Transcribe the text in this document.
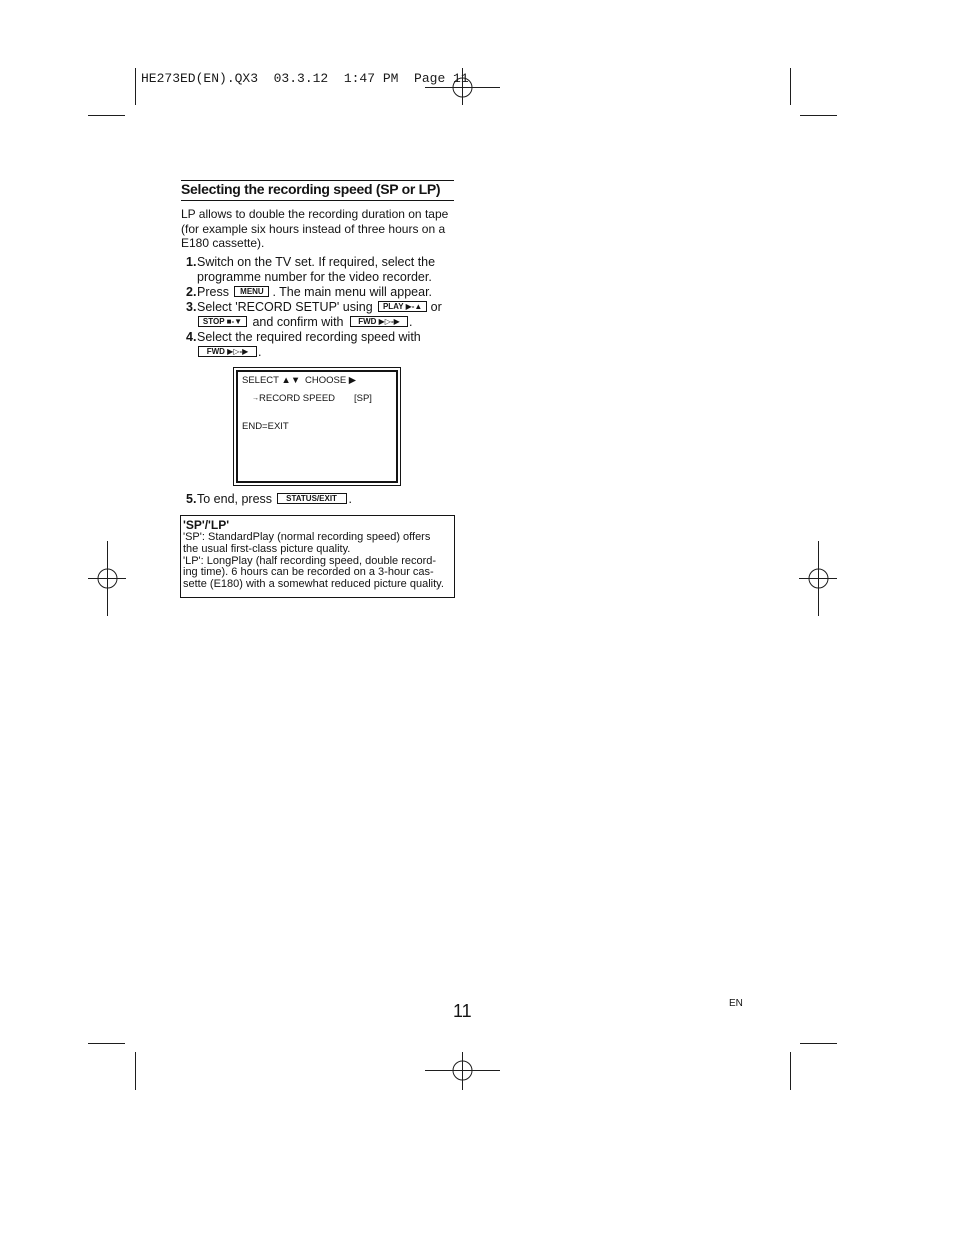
HE273ED(EN).QX3  03.3.12  1:47 PM  Page 11
Selecting the recording speed (SP or LP)
LP allows to double the recording duration on tape
(for example six hours instead of three hours on a
E180 cassette).
1. Switch on the TV set. If required, select the
programme number for the video recorder.
2. Press MENU . The main menu will appear.
3. Select 'RECORD SETUP' using PLAY ▶-▲ or
STOP ■-▼ and confirm with FWD ▶▷-▶ .
4. Select the required recording speed with
FWD ▶▷-▶ .
5. To end, press STATUS/EXIT .
SELECT ▲▼ CHOOSE ▶
→ RECORD SPEED [SP]
END=EXIT
'SP'/'LP'
'SP': StandardPlay (normal recording speed) offers
the usual first-class picture quality.
'LP': LongPlay (half recording speed, double record-
ing time). 6 hours can be recorded on a 3-hour cas-
sette (E180) with a somewhat reduced picture quality.
11	EN
